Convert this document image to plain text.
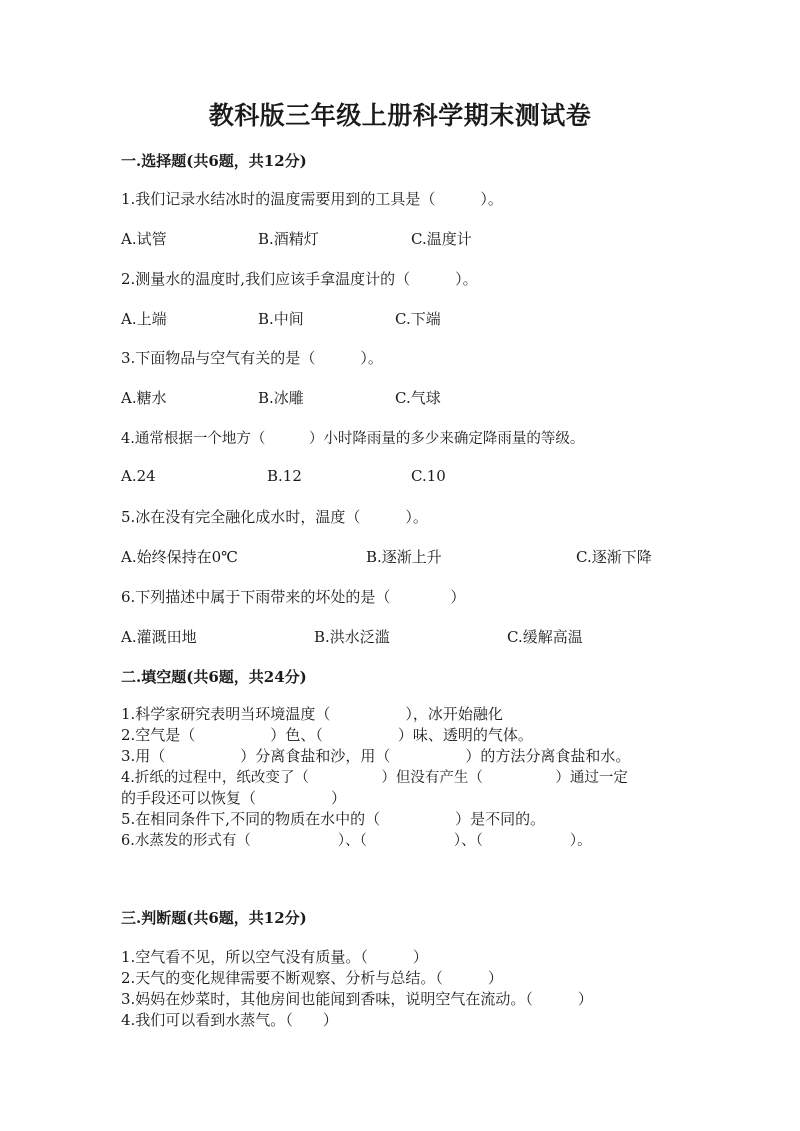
教科版三年级上册科学期末测试卷
一.选择题(共6题，共12分)
1.我们记录水结冰时的温度需要用到的工具是（　　　）。
A.试管	B.酒精灯	C.温度计
2.测量水的温度时,我们应该手拿温度计的（　　　）。
A.上端	B.中间	C.下端
3.下面物品与空气有关的是（　　　）。
A.糖水	B.冰雕	C.气球
4.通常根据一个地方（　　　）小时降雨量的多少来确定降雨量的等级。
A.24	B.12	C.10
5.冰在没有完全融化成水时，温度（　　　）。
A.始终保持在0℃	B.逐渐上升	C.逐渐下降
6.下列描述中属于下雨带来的坏处的是（　　　　）
A.灌溉田地	B.洪水泛滥	C.缓解高温
二.填空题(共6题，共24分)
1.科学家研究表明当环境温度（　　　　　），冰开始融化
2.空气是（　　　　　）色、（　　　　　）味、透明的气体。
3.用（　　　　　）分离食盐和沙，用（　　　　　）的方法分离食盐和水。
4.折纸的过程中，纸改变了（　　　　　）但没有产生（　　　　　）通过一定
的手段还可以恢复（　　　　　）
5.在相同条件下,不同的物质在水中的（　　　　　）是不同的。
6.水蒸发的形式有（　　　　　　）、（　　　　　　）、（　　　　　　）。
三.判断题(共6题，共12分)
1.空气看不见，所以空气没有质量。（　　　）
2.天气的变化规律需要不断观察、分析与总结。（　　　）
3.妈妈在炒菜时，其他房间也能闻到香味，说明空气在流动。（　　　）
4.我们可以看到水蒸气。（　　）
